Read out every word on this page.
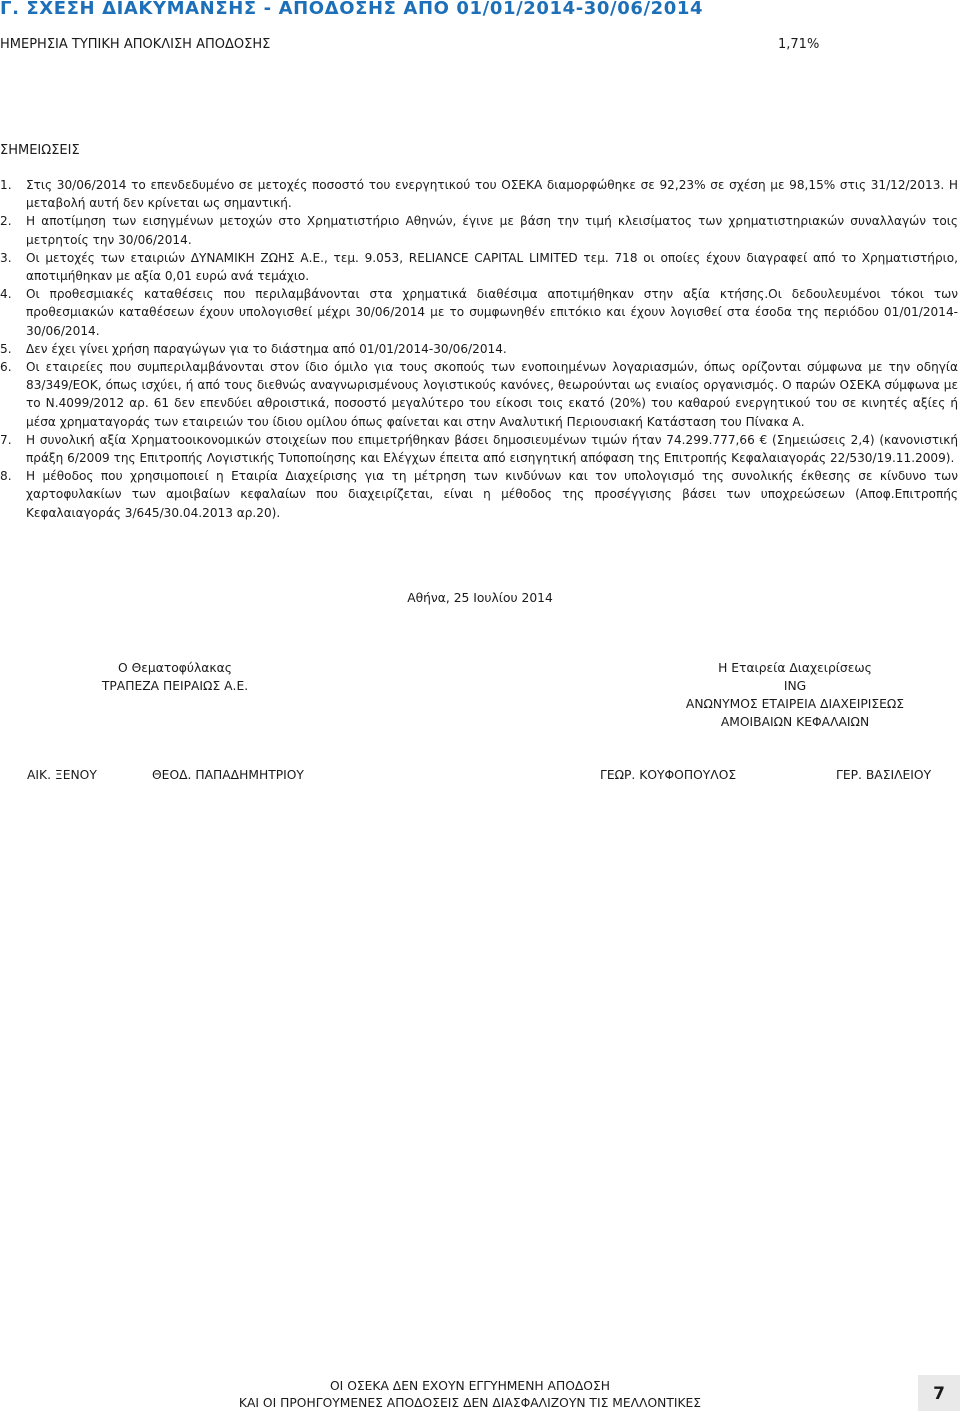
Γ. ΣΧΕΣΗ ΔΙΑΚΥΜΑΝΣΗΣ - ΑΠΟΔΟΣΗΣ ΑΠΟ 01/01/2014-30/06/2014
ΗΜΕΡΗΣΙΑ ΤΥΠΙΚΗ ΑΠΟΚΛΙΣΗ ΑΠΟΔΟΣΗΣ	1,71%
ΣΗΜΕΙΩΣΕΙΣ
1.	Στις 30/06/2014 το επενδεδυμένο σε μετοχές ποσοστό του ενεργητικού του ΟΣΕΚΑ διαμορφώθηκε σε 92,23% σε σχέση με 98,15% στις 31/12/2013. Η μεταβολή αυτή δεν κρίνεται ως σημαντική.
2.	Η αποτίμηση των εισηγμένων μετοχών στο Χρηματιστήριο Αθηνών, έγινε με βάση την τιμή κλεισίματος των χρηματιστηριακών συναλλαγών τοις μετρητοίς την 30/06/2014.
3.	Οι μετοχές των εταιριών ΔΥΝΑΜΙΚΗ ΖΩΗΣ Α.Ε., τεμ. 9.053, RELIANCE CAPITAL LIMITED τεμ. 718 οι οποίες έχουν διαγραφεί από το Χρηματιστήριο, αποτιμήθηκαν με αξία 0,01 ευρώ ανά τεμάχιο.
4.	Οι προθεσμιακές καταθέσεις που περιλαμβάνονται στα χρηματικά διαθέσιμα αποτιμήθηκαν στην αξία κτήσης.Οι δεδουλευμένοι τόκοι των προθεσμιακών καταθέσεων έχουν υπολογισθεί μέχρι 30/06/2014 με το συμφωνηθέν επιτόκιο και έχουν λογισθεί στα έσοδα της περιόδου 01/01/2014-30/06/2014.
5.	Δεν έχει γίνει χρήση παραγώγων για το διάστημα από 01/01/2014-30/06/2014.
6.	Οι εταιρείες που συμπεριλαμβάνονται στον ίδιο όμιλο για τους σκοπούς των ενοποιημένων λογαριασμών, όπως ορίζονται σύμφωνα με την οδηγία 83/349/ΕΟΚ, όπως ισχύει, ή από τους διεθνώς αναγνωρισμένους λογιστικούς κανόνες, θεωρούνται ως ενιαίος οργανισμός. Ο παρών ΟΣΕΚΑ σύμφωνα με το Ν.4099/2012 αρ. 61 δεν επενδύει αθροιστικά, ποσοστό μεγαλύτερο του είκοσι τοις εκατό (20%) του καθαρού ενεργητικού του σε κινητές αξίες ή μέσα χρηματαγοράς των εταιρειών του ίδιου ομίλου όπως φαίνεται και στην Αναλυτική Περιουσιακή Κατάσταση του Πίνακα Α.
7.	Η συνολική αξία Χρηματοοικονομικών στοιχείων που επιμετρήθηκαν βάσει δημοσιευμένων τιμών ήταν 74.299.777,66 € (Σημειώσεις 2,4) (κανονιστική πράξη 6/2009 της Επιτροπής Λογιστικής Τυποποίησης και Ελέγχων έπειτα από εισηγητική απόφαση της Επιτροπής Κεφαλαιαγοράς 22/530/19.11.2009).
8.	Η μέθοδος που χρησιμοποιεί η Εταιρία Διαχείρισης για τη μέτρηση των κινδύνων και τον υπολογισμό της συνολικής έκθεσης σε κίνδυνο των χαρτοφυλακίων των αμοιβαίων κεφαλαίων που διαχειρίζεται, είναι η μέθοδος της προσέγγισης βάσει των υποχρεώσεων (Αποφ.Επιτροπής Κεφαλαιαγοράς 3/645/30.04.2013 αρ.20).
Αθήνα, 25 Ιουλίου 2014
Ο Θεματοφύλακας
ΤΡΑΠΕΖΑ ΠΕΙΡΑΙΩΣ Α.Ε.
Η Εταιρεία Διαχειρίσεως
ING
ΑΝΩΝΥΜΟΣ ΕΤΑΙΡΕΙΑ ΔΙΑΧΕΙΡΙΣΕΩΣ
ΑΜΟΙΒΑΙΩΝ ΚΕΦΑΛΑΙΩΝ
ΑΙΚ. ΞΕΝΟΥ	ΘΕΟΔ. ΠΑΠΑΔΗΜΗΤΡΙΟΥ	ΓΕΩΡ. ΚΟΥΦΟΠΟΥΛΟΣ	ΓΕΡ. ΒΑΣΙΛΕΙΟΥ
ΟΙ ΟΣΕΚΑ ΔΕΝ ΕΧΟΥΝ ΕΓΓΥΗΜΕΝΗ ΑΠΟΔΟΣΗ
ΚΑΙ ΟΙ ΠΡΟΗΓΟΥΜΕΝΕΣ ΑΠΟΔΟΣΕΙΣ ΔΕΝ ΔΙΑΣΦΑΛΙΖΟΥΝ ΤΙΣ ΜΕΛΛΟΝΤΙΚΕΣ	7
